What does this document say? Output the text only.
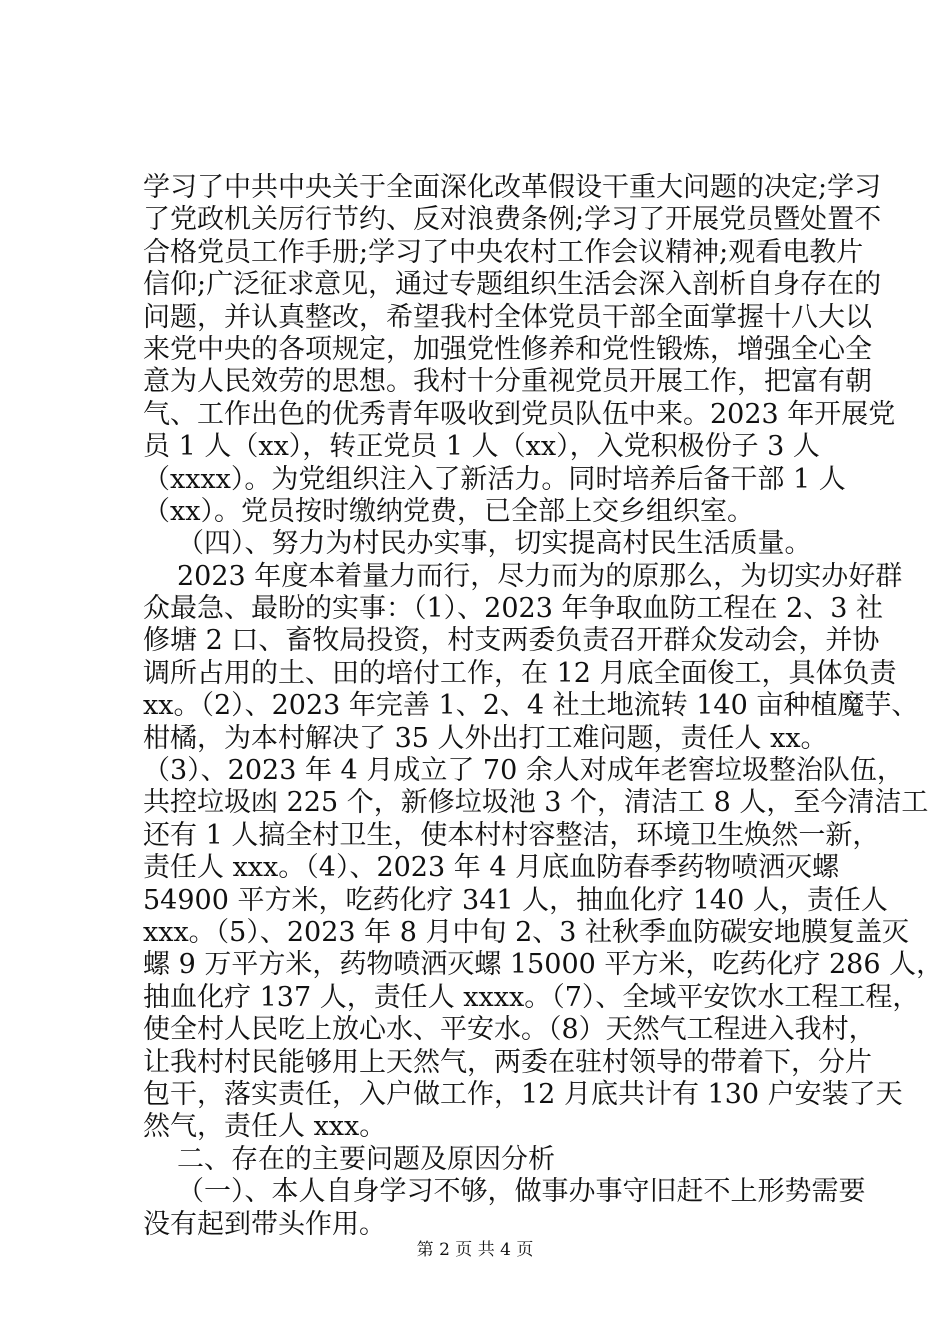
学习了中共中央关于全面深化改革假设干重大问题的决定;学习
了党政机关厉行节约、反对浪费条例;学习了开展党员暨处置不
合格党员工作手册;学习了中央农村工作会议精神;观看电教片
信仰;广泛征求意见，通过专题组织生活会深入剖析自身存在的
问题，并认真整改，希望我村全体党员干部全面掌握十八大以
来党中央的各项规定，加强党性修养和党性锻炼，增强全心全
意为人民效劳的思想。我村十分重视党员开展工作，把富有朝
气、工作出色的优秀青年吸收到党员队伍中来。2023 年开展党
员 1 人（xx），转正党员 1 人（xx），入党积极份子 3 人
（xxxx）。为党组织注入了新活力。同时培养后备干部 1 人
（xx）。党员按时缴纳党费，已全部上交乡组织室。
（四）、努力为村民办实事，切实提高村民生活质量。
2023 年度本着量力而行，尽力而为的原那么，为切实办好群
众最急、最盼的实事：（1）、2023 年争取血防工程在 2、3 社
修塘 2 口、畜牧局投资，村支两委负责召开群众发动会，并协
调所占用的土、田的培付工作，在 12 月底全面俊工，具体负责
xx。（2）、2023 年完善 1、2、4 社土地流转 140 亩种植魔芋、
柑橘，为本村解决了 35 人外出打工难问题，责任人 xx。
（3）、2023 年 4 月成立了 70 余人对成年老窖垃圾整治队伍，
共控垃圾凼 225 个，新修垃圾池 3 个，清洁工 8 人，至今清洁工
还有 1 人搞全村卫生，使本村村容整洁，环境卫生焕然一新，
责任人 xxx。（4）、2023 年 4 月底血防春季药物喷洒灭螺
54900 平方米，吃药化疗 341 人，抽血化疗 140 人，责任人
xxx。（5）、2023 年 8 月中旬 2、3 社秋季血防碳安地膜复盖灭
螺 9 万平方米，药物喷洒灭螺 15000 平方米，吃药化疗 286 人，
抽血化疗 137 人，责任人 xxxx。（7）、全域平安饮水工程工程，
使全村人民吃上放心水、平安水。（8）天然气工程进入我村，
让我村村民能够用上天然气，两委在驻村领导的带着下，分片
包干，落实责任，入户做工作，12 月底共计有 130 户安装了天
然气，责任人 xxx。
二、存在的主要问题及原因分析
（一）、本人自身学习不够，做事办事守旧赶不上形势需要
没有起到带头作用。
第 2 页 共 4 页
